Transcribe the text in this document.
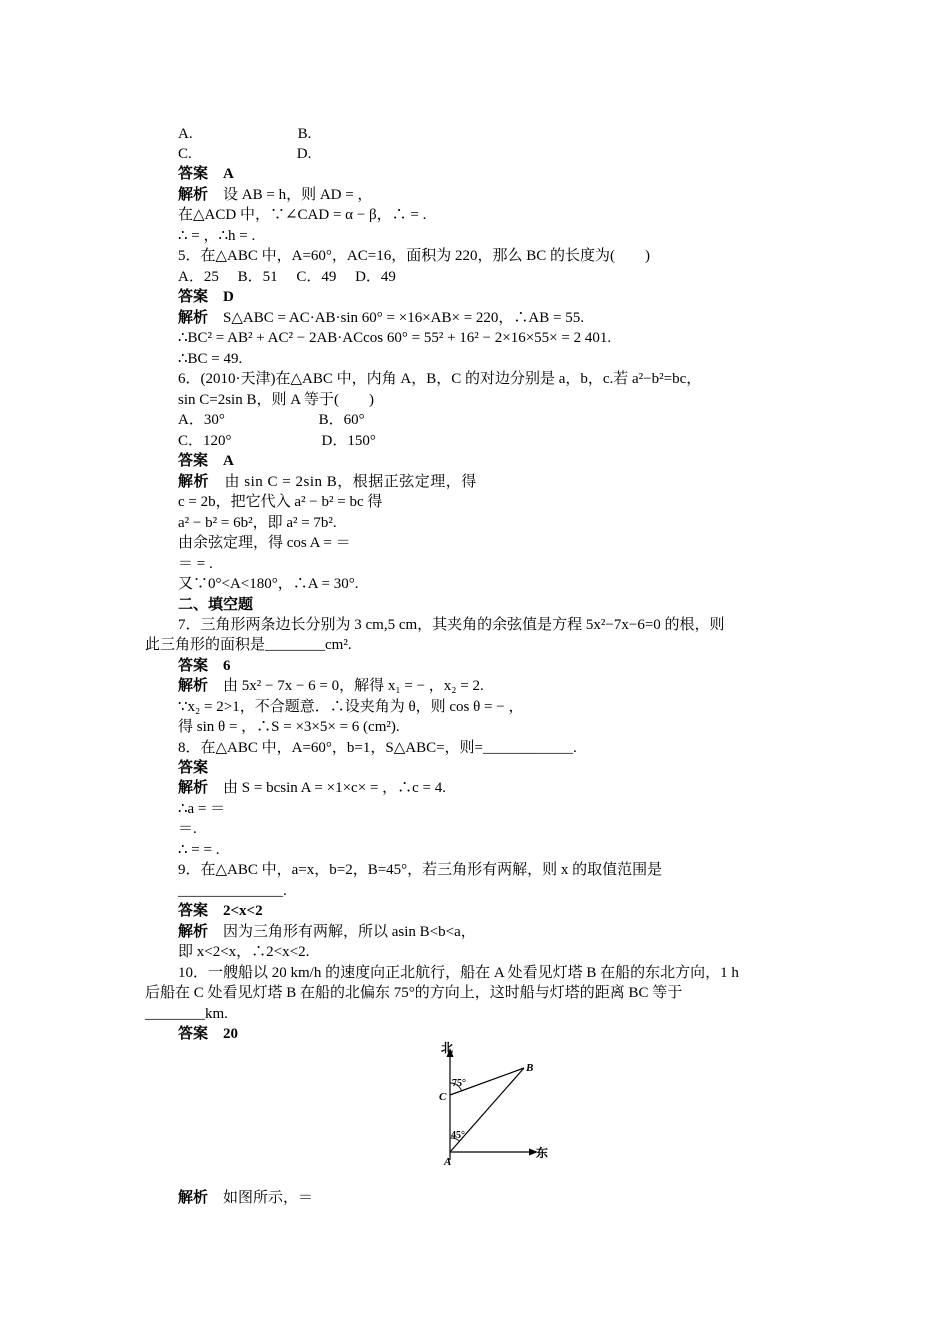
A.　　　　　　　B.
C.　　　　　　　D.
答案　A
解析　设 AB = h，则 AD = ，
在△ACD 中，∵∠CAD = α − β，∴ = .
∴ = ，∴h = .
5．在△ABC 中，A=60°，AC=16，面积为 220，那么 BC 的长度为(　　)
A．25　 B．51　 C．49　 D．49
答案　D
解析　S△ABC = AC·AB·sin 60° = ×16×AB× = 220，∴AB = 55.
∴BC² = AB² + AC² − 2AB·ACcos 60° = 55² + 16² − 2×16×55× = 2 401.
∴BC = 49.
6．(2010·天津)在△ABC 中，内角 A，B，C 的对边分别是 a，b，c.若 a²−b²=bc，
sin C=2sin B，则 A 等于(　　)
A．30°　　　　　　 B．60°
C．120°　　　　　　D．150°
答案　A
解析　由 sin C = 2sin B，根据正弦定理，得
c = 2b，把它代入 a² − b² = bc 得
a² − b² = 6b²，即 a² = 7b².
由余弦定理，得 cos A = ＝
＝ = .
又∵0°<A<180°，∴A = 30°.
二、填空题
7．三角形两条边长分别为 3 cm,5 cm，其夹角的余弦值是方程 5x²−7x−6=0 的根，则
此三角形的面积是________cm².
答案　6
解析　由 5x² − 7x − 6 = 0，解得 x₁ = − ，x₂ = 2.
∵x₂ = 2>1，不合题意．∴设夹角为 θ，则 cos θ = − ，
得 sin θ = ，∴S = ×3×5× = 6 (cm²).
8．在△ABC 中，A=60°，b=1，S△ABC=，则=____________.
答案
解析　由 S = bcsin A = ×1×c× = ，∴c = 4.
∴a = ＝
＝.
∴ = = .
9．在△ABC 中，a=x，b=2，B=45°，若三角形有两解，则 x 的取值范围是
______________.
答案　2<x<2
解析　因为三角形有两解，所以 asin B<b<a，
即 x<2<x，∴2<x<2.
10．一艘船以 20 km/h 的速度向正北航行，船在 A 处看见灯塔 B 在船的东北方向，1 h
后船在 C 处看见灯塔 B 在船的北偏东 75°的方向上，这时船与灯塔的距离 BC 等于
________km.
答案　20
北
东
B
C
A
75°
45°
解析　如图所示，＝
